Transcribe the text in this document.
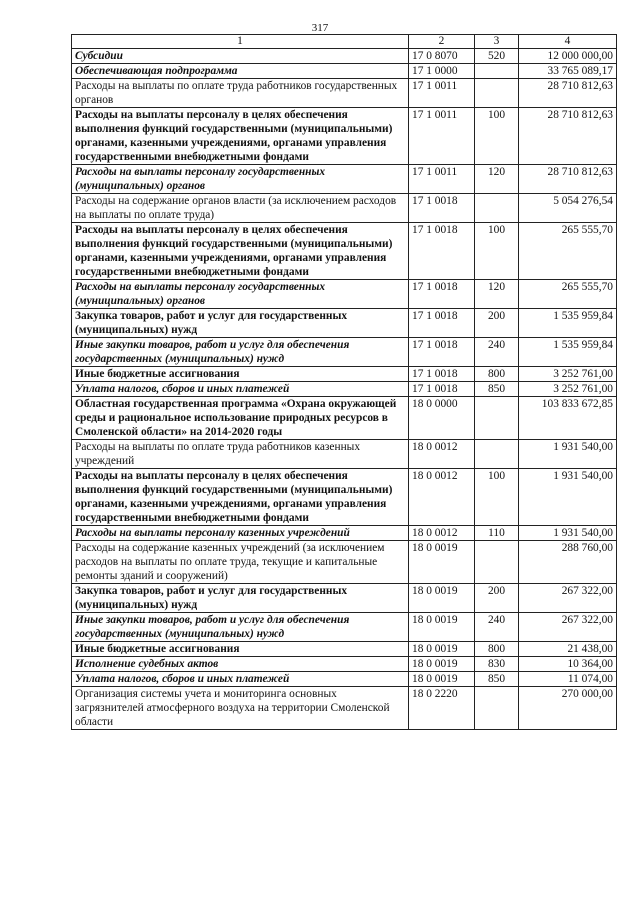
317
1	2	3	4
Субсидии	17 0 8070	520	12 000 000,00
Обеспечивающая подпрограмма	17 1 0000		33 765 089,17
Расходы на выплаты по оплате труда работников государственных органов	17 1 0011		28 710 812,63
Расходы на выплаты персоналу в целях обеспечения выполнения функций государственными (муниципальными) органами, казенными учреждениями, органами управления государственными внебюджетными фондами	17 1 0011	100	28 710 812,63
Расходы на выплаты персоналу государственных (муниципальных) органов	17 1 0011	120	28 710 812,63
Расходы на содержание органов власти (за исключением расходов на выплаты по оплате труда)	17 1 0018		5 054 276,54
Расходы на выплаты персоналу в целях обеспечения выполнения функций государственными (муниципальными) органами, казенными учреждениями, органами управления государственными внебюджетными фондами	17 1 0018	100	265 555,70
Расходы на выплаты персоналу государственных (муниципальных) органов	17 1 0018	120	265 555,70
Закупка товаров, работ и услуг для государственных (муниципальных) нужд	17 1 0018	200	1 535 959,84
Иные закупки товаров, работ и услуг для обеспечения государственных (муниципальных) нужд	17 1 0018	240	1 535 959,84
Иные бюджетные ассигнования	17 1 0018	800	3 252 761,00
Уплата налогов, сборов и иных платежей	17 1 0018	850	3 252 761,00
Областная государственная программа «Охрана окружающей среды и рациональное использование природных ресурсов в Смоленской области» на 2014-2020 годы	18 0 0000		103 833 672,85
Расходы на выплаты по оплате труда работников казенных учреждений	18 0 0012		1 931 540,00
Расходы на выплаты персоналу в целях обеспечения выполнения функций государственными (муниципальными) органами, казенными учреждениями, органами управления государственными внебюджетными фондами	18 0 0012	100	1 931 540,00
Расходы на выплаты персоналу казенных учреждений	18 0 0012	110	1 931 540,00
Расходы на содержание казенных учреждений (за исключением расходов на выплаты по оплате труда, текущие и капитальные ремонты зданий и сооружений)	18 0 0019		288 760,00
Закупка товаров, работ и услуг для государственных (муниципальных) нужд	18 0 0019	200	267 322,00
Иные закупки товаров, работ и услуг для обеспечения государственных (муниципальных) нужд	18 0 0019	240	267 322,00
Иные бюджетные ассигнования	18 0 0019	800	21 438,00
Исполнение судебных актов	18 0 0019	830	10 364,00
Уплата налогов, сборов и иных платежей	18 0 0019	850	11 074,00
Организация системы учета и мониторинга основных загрязнителей атмосферного воздуха на территории Смоленской области	18 0 2220		270 000,00
